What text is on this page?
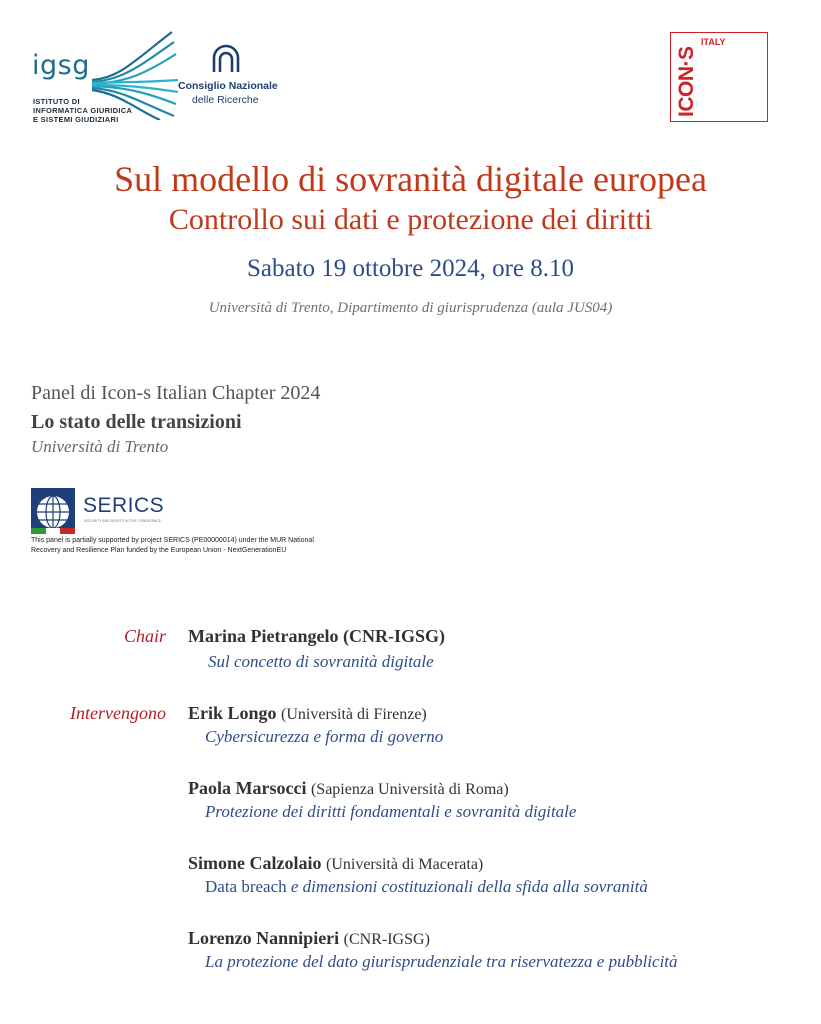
igsg
ISTITUTO DI
INFORMATICA GIURIDICA
E SISTEMI GIUDIZIARI
Consiglio Nazionale
delle Ricerche	ICON·S
ITALY
Sul modello di sovranità digitale europea
Controllo sui dati e protezione dei diritti
Sabato 19 ottobre 2024, ore 8.10
Università di Trento, Dipartimento di giurisprudenza (aula JUS04)
Panel di Icon-s Italian Chapter 2024
Lo stato delle transizioni
Università di Trento
SERICS
SECURITY AND RIGHTS IN THE CYBERSPACE
This panel is partially supported by project SERICS (PE00000014) under the MUR National Recovery and Resilience Plan funded by the European Union - NextGenerationEU
Chair Marina Pietrangelo (CNR-IGSG)
Sul concetto di sovranità digitale
Intervengono Erik Longo (Università di Firenze)
Cybersicurezza e forma di governo
Paola Marsocci (Sapienza Università di Roma)
Protezione dei diritti fondamentali e sovranità digitale
Simone Calzolaio (Università di Macerata)
Data breach e dimensioni costituzionali della sfida alla sovranità
Lorenzo Nannipieri (CNR-IGSG)
La protezione del dato giurisprudenziale tra riservatezza e pubblicità
